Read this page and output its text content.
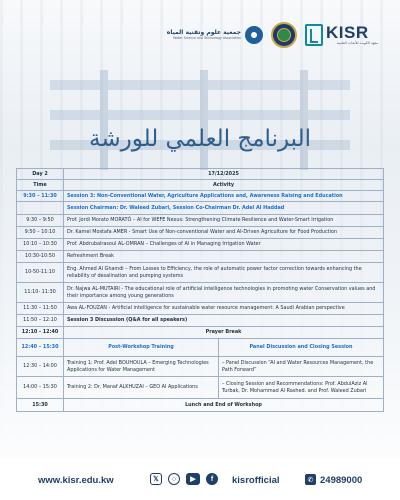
جمعية علوم وتقنية المياه
Water Science and Technology Association	KISR
معهد الكويت للأبحاث العلمية
البرنامج العلمي للورشة
Day 2	17/12/2025	
Time	Activity	
9:30 – 11:30	Session 3: Non-Conventional Water, Agriculture Applications and, Awareness Raising and Education	
	Session Chairman: Dr. Waleed Zubari, Session Co-Chairman Dr. Adel Al Haddad	
9:30 – 9:50	Prof. Jordi Morato MORATÓ – AI for WEFE Nexus: Strengthening Climate Resilience and Water-Smart Irrigation	
9:50 – 10:10	Dr. Kamel Mostafa AMER - Smart Use of Non-conventional Water and AI-Driven Agriculture for Food Production	
10:10 – 10:30	Prof. Abdrubalrasoul AL-OMRAN – Challenges of AI in Managing Irrigation Water	
10:30-10:50	Refreshment Break	
10-50-11:10	Eng. Ahmed Al Ghamdi – From Losses to Efficiency, the role of automatic power factor correction towards enhancing the reliability of desalination and pumping systems	
11:10- 11:30	Dr. Najwa AL-MUTAIRI - The educational role of artificial intelligence technologies in promoting water Conservation values and their importance among young generations	
11:30 – 11:50	Awa AL-FOUZAN - Artificial intelligence for sustainable water resource management: A Saudi Arabian perspective	
11:50 – 12:10	Session 3 Discussion (Q&A for all speakers)	
12:10 - 12:40	Prayer Break	
12:40 – 15:30	Post-Workshop Training	Panel Discussion and Closing Session
12:30 – 14:00	Training 1: Prof. Adel BOUHOULA – Emerging Technologies Applications for Water Management	– Panel Discussion “AI and Water Resources Management, the Path Forward”
14:00 – 15:30	Training 2: Dr. Manaf ALKHUZAI – GEO AI Applications	– Closing Session and Recommendations: Prof. AbdulAziz Al Turbak, Dr. Mohammad Al Rashed. and Prof. Waleed Zubari
15:30	Lunch and End of Workshop	
www.kisr.edu.kw	𝕏	○	▶	f	kisrofficial	✆ 24989000
